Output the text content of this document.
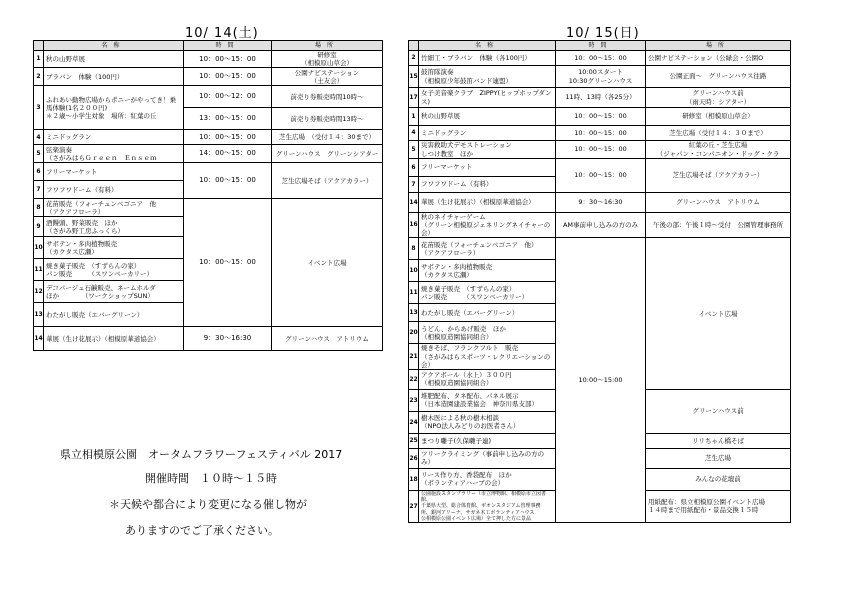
10/ 14(土)	10/ 15(日)
	名称	時間	場所
1	秋の山野草展	10：00～15：00	研修室
（相模原山草会）
2	ブラバン　体験（100円）	10：00～15：00	公園ナビステーション
（土友会）
3	ふれあい動物広場からポニーがやってき！乗馬体験(1名２００円)
＊２歳～小学生対象　場所：紅葉の丘	10：00～12：00	前売り券販売時間10時～
		13：00～15：00	前売り券販売時間13時～
4	ミニドッグラン	10：00～15：00	芝生広場　（受付１４：30まで）
5	弦楽演奏
（さがみはらＧｒｅｅｎ　Ｅｎｓｅｍ	14：00～15：00	グリーンハウス　グリーンシアター
6	フリーマーケット	10：00～15：00	芝生広場そば（アクアカラー）
7	フワフワドーム（有料）		
8	花苗販売（フォーチュンベゴニア　他
（アクアフローラ）	10：00～15：00	イベント広場
9	酒饅頭、野菜販売　ほか
（さがみ野工房ふっくら）		
10	サボテン・多肉植物販売
（カクタス広瀬）		
11	焼き菓子販売　（すずらんの家）
パン販売　　　（スワンベーカリー）		
12	デコパージュ石鹸販売、ネームホルダ
ほか　　　　（ワークショップSUN）		
13	わたがし販売（エバーグリーン）		
14	華展（生け花展示）（相模原華道協会）	9：30～16:30	グリーンハウス　アトリウム
	名称	時間	場所
2	竹細工・ブラバン　体験（各100円）	10：00～15：00	公園ナビステーション（公緑会・公園O
15	鼓笛隊演奏
（相模原少年鼓笛バンド連盟）	10:00スタート
10:30グリーンハウス	公園正面～　グリーンハウス往路
17	女子美音楽クラブ　ZIPPY(ヒップホップダンス)	11時、13時（各25分）	グリーンハウス前
（雨天時：シアター）
1	秋の山野草展	10：00～15：00	研修室（相模原山草会）
4	ミニドッグラン	10：00～15：00	芝生広場（受付１４：３０まで）
5	災害救助犬デモストレーション
しつけ教室　ほか	10：00～15：00	紅葉の丘・芝生広場
（ジャパン・コンパニオン・ドッグ・クラ
6	フリーマーケット	10：00～15：00	芝生広場そば（アクアカラー）
7	フワフワドーム（有料）		
14	華展（生け花展示）（相模原華道協会）	9：30～16:30	グリーンハウス　アトリウム
16	秋のネイチャーゲーム
（グリーン相模原ジェネリングネイチャーの会）	AM事前申し込みの方のみ	午後の部：午後１時～受付　公園管理事務所
8	花苗販売（フォーチュンベゴニア　他）
（アクアフローラ）	10:00～15:00	イベント広場
10	サボテン・多肉植物販売
（カクタス広瀬）		
11	焼き菓子販売　（すずらんの家）
パン販売　　　（スワンベーカリー）		
13	わたがし販売（エバーグリーン）		
20	うどん、からあげ販売　ほか
（相模原造園協同組合）		
21	焼きそば、フランクフルト　販売
（さがみはらスポーツ・レクリエーションの会）		
22	アクアボール（水上）３００円
（相模原造園協同組合）		
23	堆肥配布、タネ配布、パネル展示
（日本造園建設業協会　神奈川県支部）		グリーンハウス前
24	樹木医による秋の樹木相談
（NPO法人みどりのお医者さん）		
25	まつり囃子(久保囃子連)		リリちゃん橋そば
26	ツリークライミング（事前申し込みの方のみ）		芝生広場
18	リース作り方、香袋配布　ほか
（ボランティアハーブの会）		みんなの花壇前
27	公園施設スタンプラリー（市立博物館、相模原市立図書館、
千葉県大型、総合体育館、ギオンスタジアム管理事務
所、銀河アリーナ、サガネ木工ボランティアハウス
公相模原公園イベント広場）全て押した方に景品		用紙配布：県立相模原公園イベント広場
１４時まで用紙配布・景品交換１５時
県立相模原公園　オータムフラワーフェスティバル 2017
開催時間　１０時～１５時
＊天候や都合により変更になる催し物が
ありますのでご了承ください。
